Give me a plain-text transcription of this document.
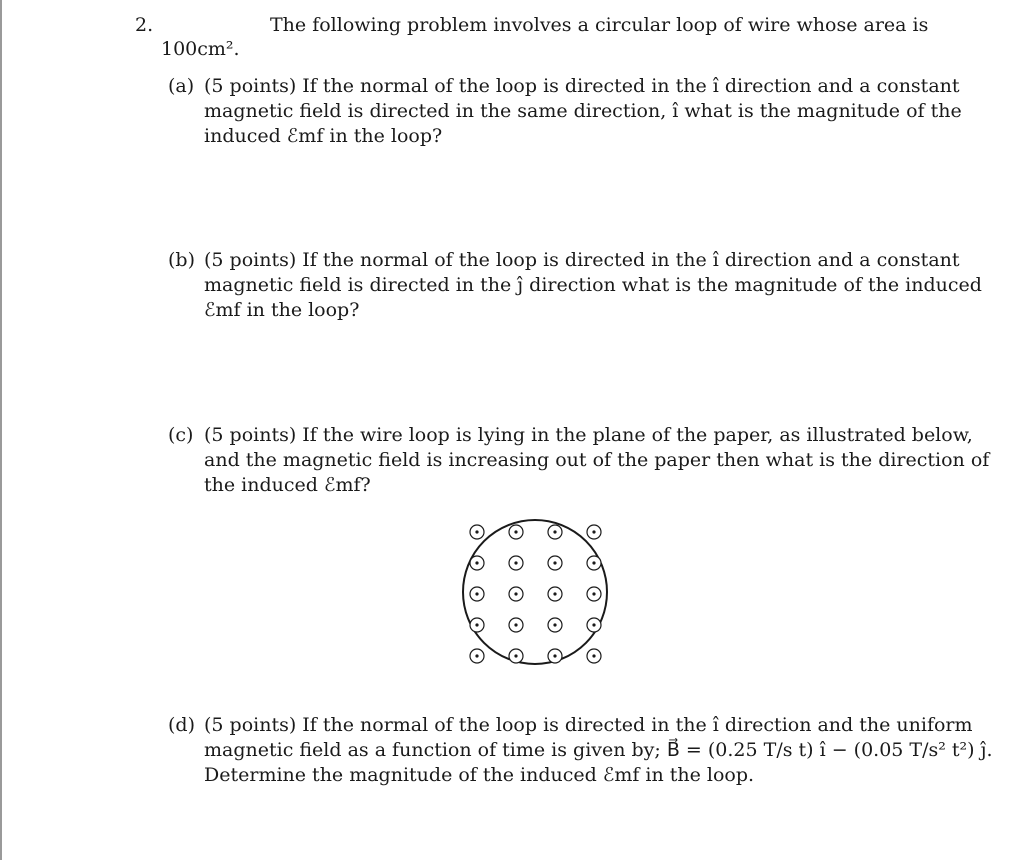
2.	The following problem involves a circular loop of wire whose area is
100cm².
(a) (5 points) If the normal of the loop is directed in the î direction and a constant
magnetic field is directed in the same direction, î what is the magnitude of the
induced ℰmf in the loop?
(b) (5 points) If the normal of the loop is directed in the î direction and a constant
magnetic field is directed in the ĵ direction what is the magnitude of the induced
ℰmf in the loop?
(c) (5 points) If the wire loop is lying in the plane of the paper, as illustrated below,
and the magnetic field is increasing out of the paper then what is the direction of
the induced ℰmf?
(d) (5 points) If the normal of the loop is directed in the î direction and the uniform
magnetic field as a function of time is given by; B⃗ = (0.25 T/s t) î − (0.05 T/s² t²) ĵ.
Determine the magnitude of the induced ℰmf in the loop.
